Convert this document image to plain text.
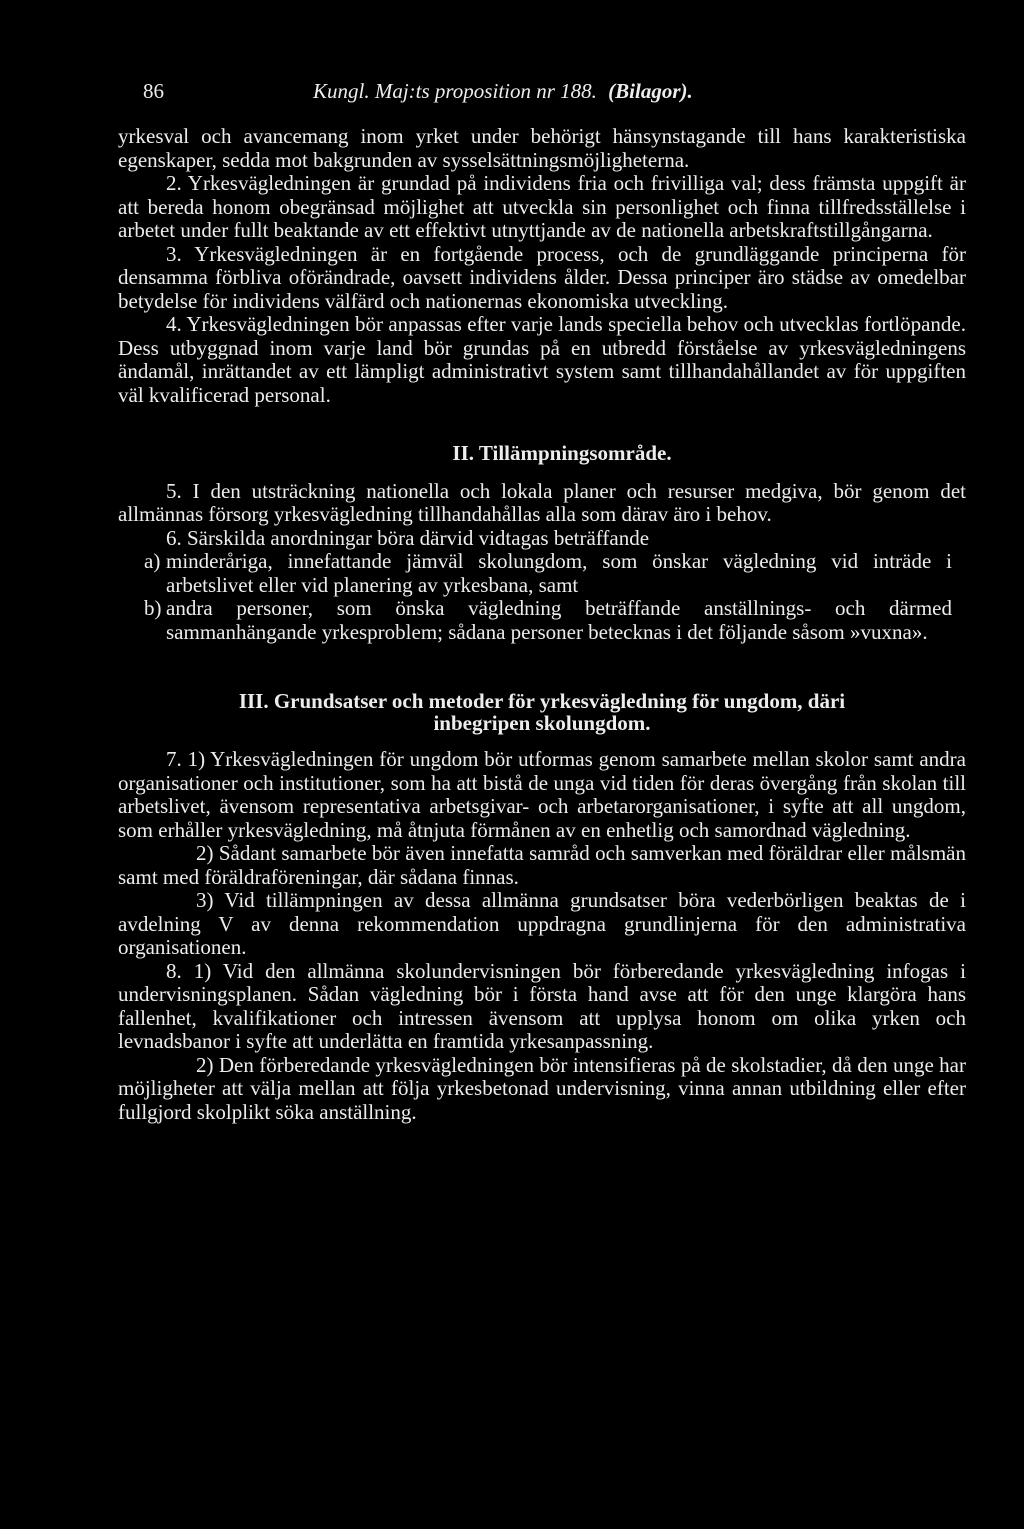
86	Kungl. Maj:ts proposition nr 188. (Bilagor).

yrkesval och avancemang inom yrket under behörigt hänsynstagande till hans karakteristiska egenskaper, sedda mot bakgrunden av sysselsättningsmöjligheterna.

2. Yrkesvägledningen är grundad på individens fria och frivilliga val; dess främsta uppgift är att bereda honom obegränsad möjlighet att utveckla sin personlighet och finna tillfredsställelse i arbetet under fullt beaktande av ett effektivt utnyttjande av de nationella arbetskraftstillgångarna.

3. Yrkesvägledningen är en fortgående process, och de grundläggande principerna för densamma förbliva oförändrade, oavsett individens ålder. Dessa principer äro städse av omedelbar betydelse för individens välfärd och nationernas ekonomiska utveckling.

4. Yrkesvägledningen bör anpassas efter varje lands speciella behov och utvecklas fortlöpande. Dess utbyggnad inom varje land bör grundas på en utbredd förståelse av yrkesvägledningens ändamål, inrättandet av ett lämpligt administrativt system samt tillhandahållandet av för uppgiften väl kvalificerad personal.

II. Tillämpningsområde.

5. I den utsträckning nationella och lokala planer och resurser medgiva, bör genom det allmännas försorg yrkesvägledning tillhandahållas alla som därav äro i behov.

6. Särskilda anordningar böra därvid vidtagas beträffande

a) minderåriga, innefattande jämväl skolungdom, som önskar vägledning vid inträde i arbetslivet eller vid planering av yrkesbana, samt
b) andra personer, som önska vägledning beträffande anställnings- och därmed sammanhängande yrkesproblem; sådana personer betecknas i det följande såsom »vuxna».
III. Grundsatser och metoder för yrkesvägledning för ungdom, däri
inbegripen skolungdom.

7. 1) Yrkesvägledningen för ungdom bör utformas genom samarbete mellan skolor samt andra organisationer och institutioner, som ha att bistå de unga vid tiden för deras övergång från skolan till arbetslivet, ävensom representativa arbetsgivar- och arbetarorganisationer, i syfte att all ungdom, som erhåller yrkesvägledning, må åtnjuta förmånen av en enhetlig och samordnad vägledning.

2) Sådant samarbete bör även innefatta samråd och samverkan med föräldrar eller målsmän samt med föräldraföreningar, där sådana finnas.

3) Vid tillämpningen av dessa allmänna grundsatser böra vederbörligen beaktas de i avdelning V av denna rekommendation uppdragna grundlinjerna för den administrativa organisationen.

8. 1) Vid den allmänna skolundervisningen bör förberedande yrkesvägledning infogas i undervisningsplanen. Sådan vägledning bör i första hand avse att för den unge klargöra hans fallenhet, kvalifikationer och intressen ävensom att upplysa honom om olika yrken och levnadsbanor i syfte att underlätta en framtida yrkesanpassning.

2) Den förberedande yrkesvägledningen bör intensifieras på de skolstadier, då den unge har möjligheter att välja mellan att följa yrkesbetonad undervisning, vinna annan utbildning eller efter fullgjord skolplikt söka anställning.
